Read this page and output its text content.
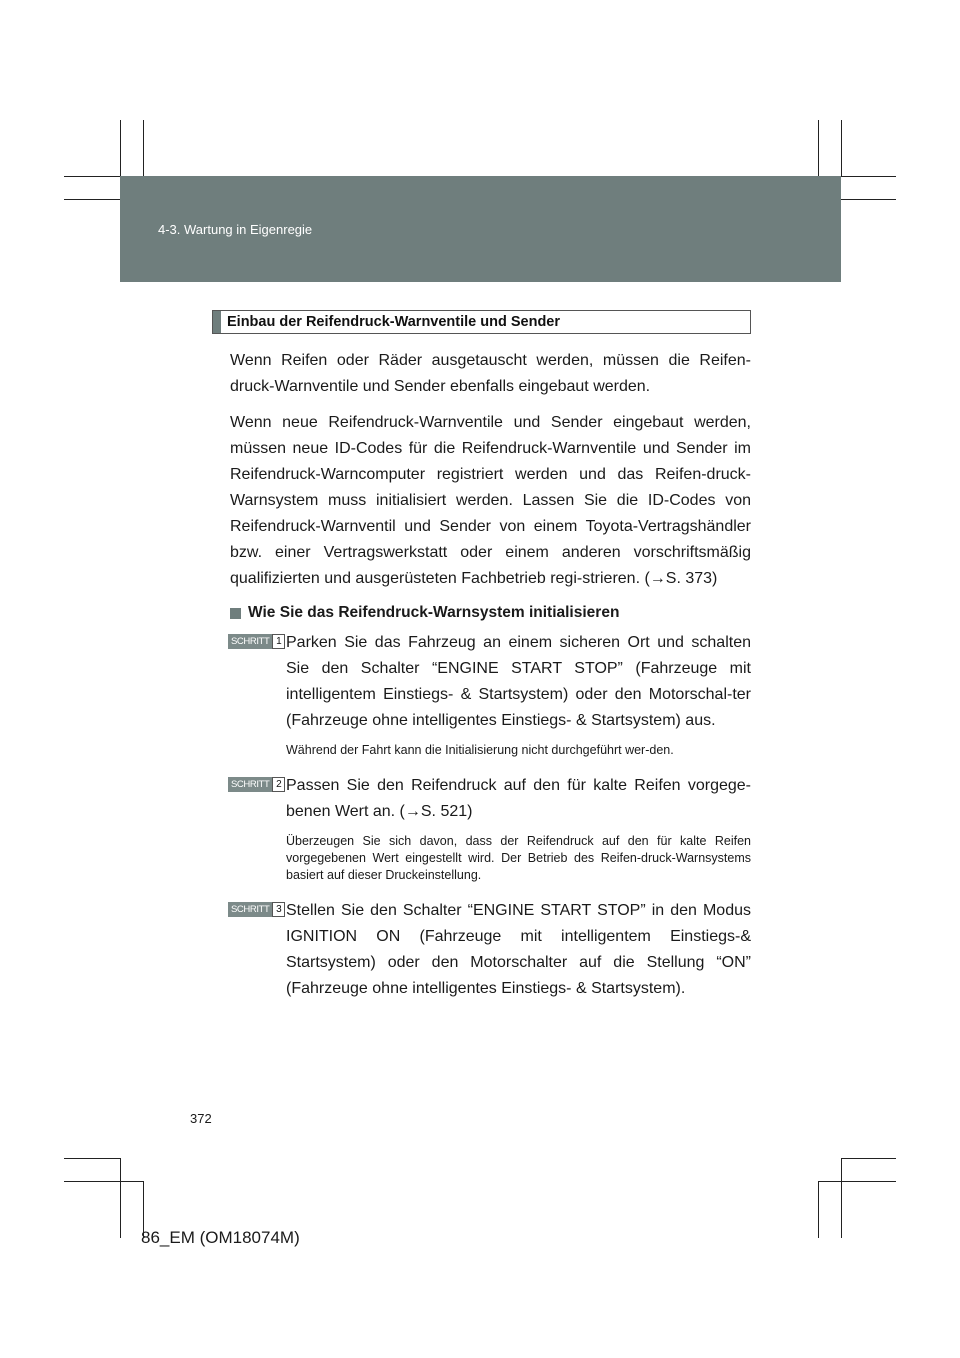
4-3. Wartung in Eigenregie
Einbau der Reifendruck-Warnventile und Sender

Wenn Reifen oder Räder ausgetauscht werden, müssen die Reifen-druck-Warnventile und Sender ebenfalls eingebaut werden.

Wenn neue Reifendruck-Warnventile und Sender eingebaut werden, müssen neue ID-Codes für die Reifendruck-Warnventile und Sender im Reifendruck-Warncomputer registriert werden und das Reifen-druck-Warnsystem muss initialisiert werden. Lassen Sie die ID-Codes von Reifendruck-Warnventil und Sender von einem Toyota-Vertragshändler bzw. einer Vertragswerkstatt oder einem anderen vorschriftsmäßig qualifizierten und ausgerüsteten Fachbetrieb regi-strieren. (→S. 373)

Wie Sie das Reifendruck-Warnsystem initialisieren
SCHRITT 1 Parken Sie das Fahrzeug an einem sicheren Ort und schalten Sie den Schalter “ENGINE START STOP” (Fahrzeuge mit intelligentem Einstiegs- & Startsystem) oder den Motorschal-ter (Fahrzeuge ohne intelligentes Einstiegs- & Startsystem) aus.

Während der Fahrt kann die Initialisierung nicht durchgeführt wer-den.

SCHRITT 2 Passen Sie den Reifendruck auf den für kalte Reifen vorgege-benen Wert an. (→S. 521)

Überzeugen Sie sich davon, dass der Reifendruck auf den für kalte Reifen vorgegebenen Wert eingestellt wird. Der Betrieb des Reifen-druck-Warnsystems basiert auf dieser Druckeinstellung.

SCHRITT 3 Stellen Sie den Schalter “ENGINE START STOP” in den Modus IGNITION ON (Fahrzeuge mit intelligentem Einstiegs-& Startsystem) oder den Motorschalter auf die Stellung “ON” (Fahrzeuge ohne intelligentes Einstiegs- & Startsystem).

372
86_EM (OM18074M)
